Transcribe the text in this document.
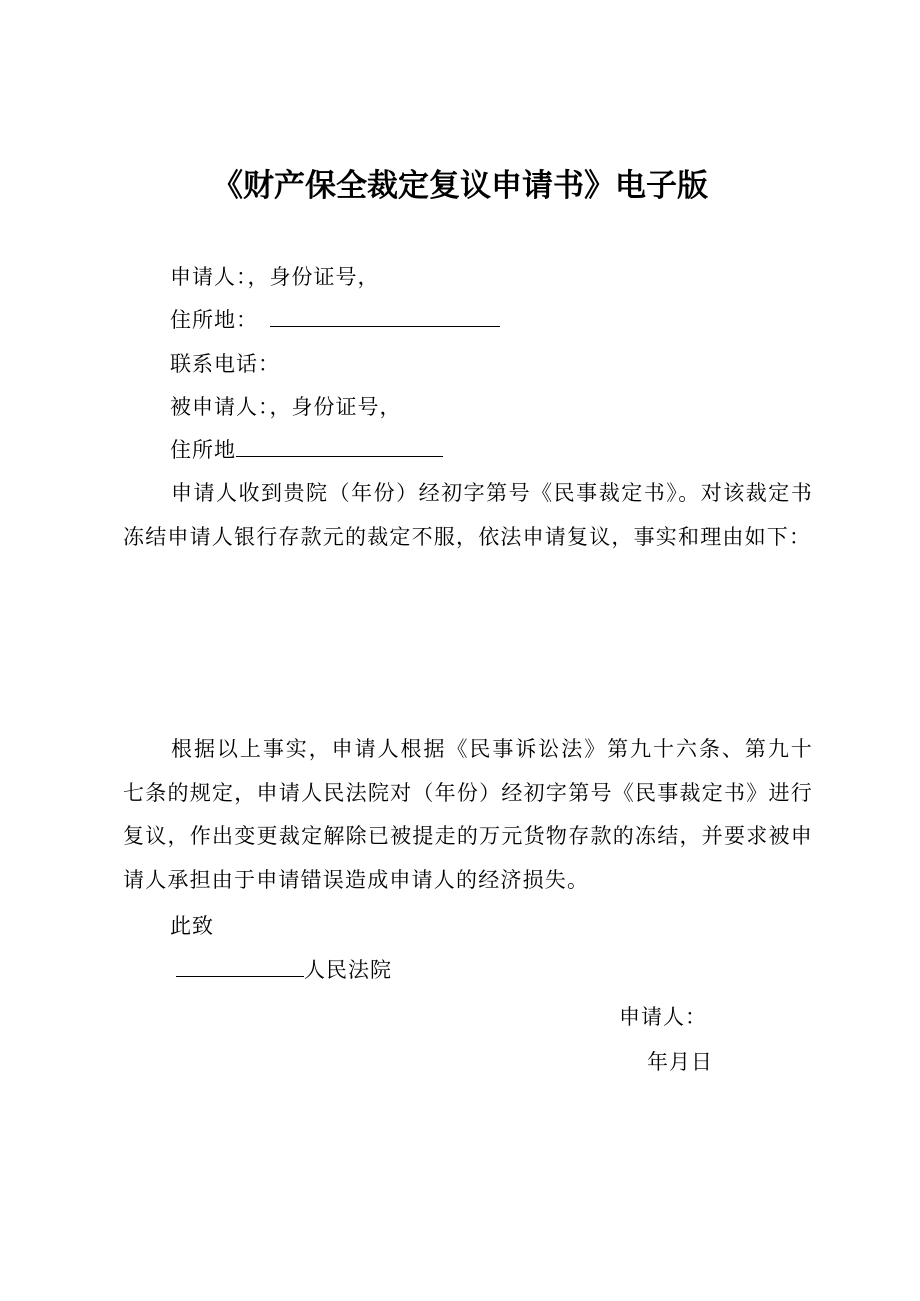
《财产保全裁定复议申请书》电子版
申请人：，身份证号，
住所地：
联系电话：
被申请人：，身份证号，
住所地
申请人收到贵院（年份）经初字第号《民事裁定书》。对该裁定书冻结申请人银行存款元的裁定不服，依法申请复议，事实和理由如下：
根据以上事实，申请人根据《民事诉讼法》第九十六条、第九十七条的规定，申请人民法院对（年份）经初字第号《民事裁定书》进行复议，作出变更裁定解除已被提走的万元货物存款的冻结，并要求被申请人承担由于申请错误造成申请人的经济损失。
此致
人民法院
申请人：
年月日
